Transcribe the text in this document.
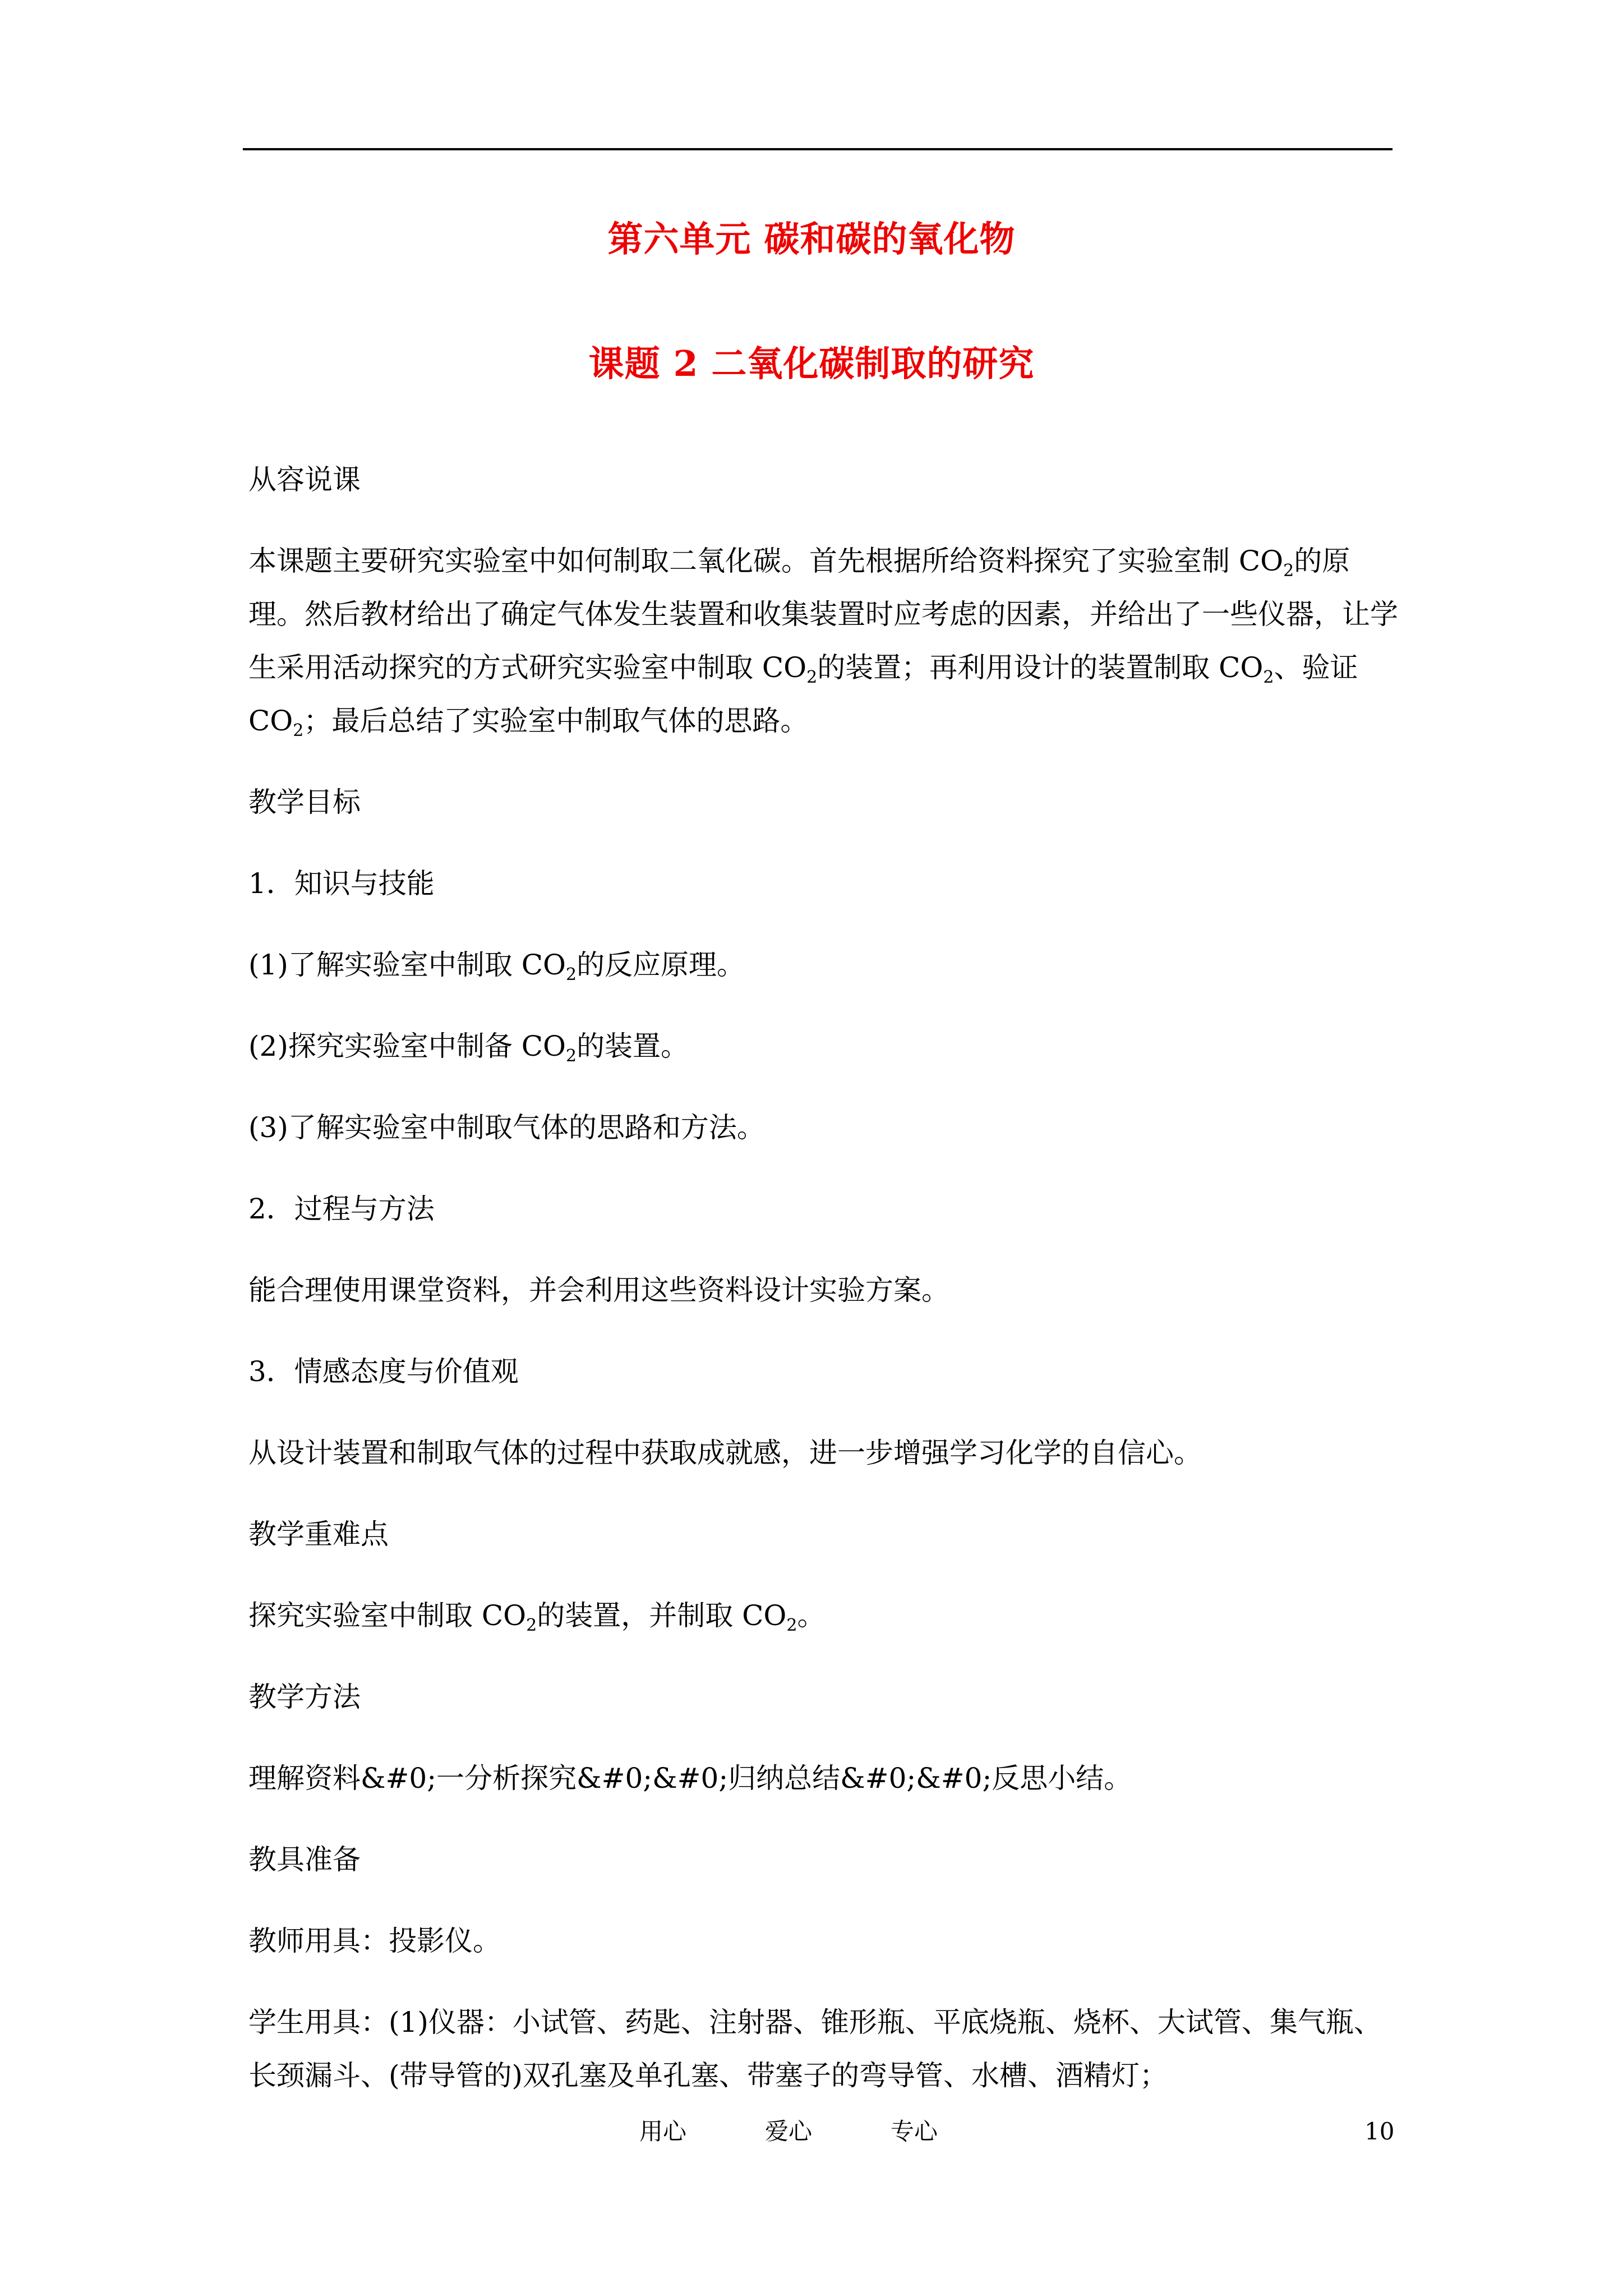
第六单元 碳和碳的氧化物
课题 2 二氧化碳制取的研究

从容说课

本课题主要研究实验室中如何制取二氧化碳。首先根据所给资料探究了实验室制 $CO_2$的原理。然后教材给出了确定气体发生装置和收集装置时应考虑的因素，并给出了一些仪器，让学生采用活动探究的方式研究实验室中制取 $CO_2$的装置；再利用设计的装置制取 $CO_2$、验证 $CO_2$；最后总结了实验室中制取气体的思路。

教学目标

1．知识与技能

(1)了解实验室中制取 $CO_2$的反应原理。

(2)探究实验室中制备 $CO_2$的装置。

(3)了解实验室中制取气体的思路和方法。

2．过程与方法

能合理使用课堂资料，并会利用这些资料设计实验方案。

3．情感态度与价值观

从设计装置和制取气体的过程中获取成就感，进一步增强学习化学的自信心。

教学重难点

探究实验室中制取 $CO_2$的装置，并制取 $CO_2$。

教学方法

理解资料&#0;一分析探究&#0;&#0;归纳总结&#0;&#0;反思小结。

教具准备

教师用具：投影仪。

学生用具：(1)仪器：小试管、药匙、注射器、锥形瓶、平底烧瓶、烧杯、大试管、集气瓶、长颈漏斗、(带导管的)双孔塞及单孔塞、带塞子的弯导管、水槽、酒精灯；

用心	爱心	专心	10
